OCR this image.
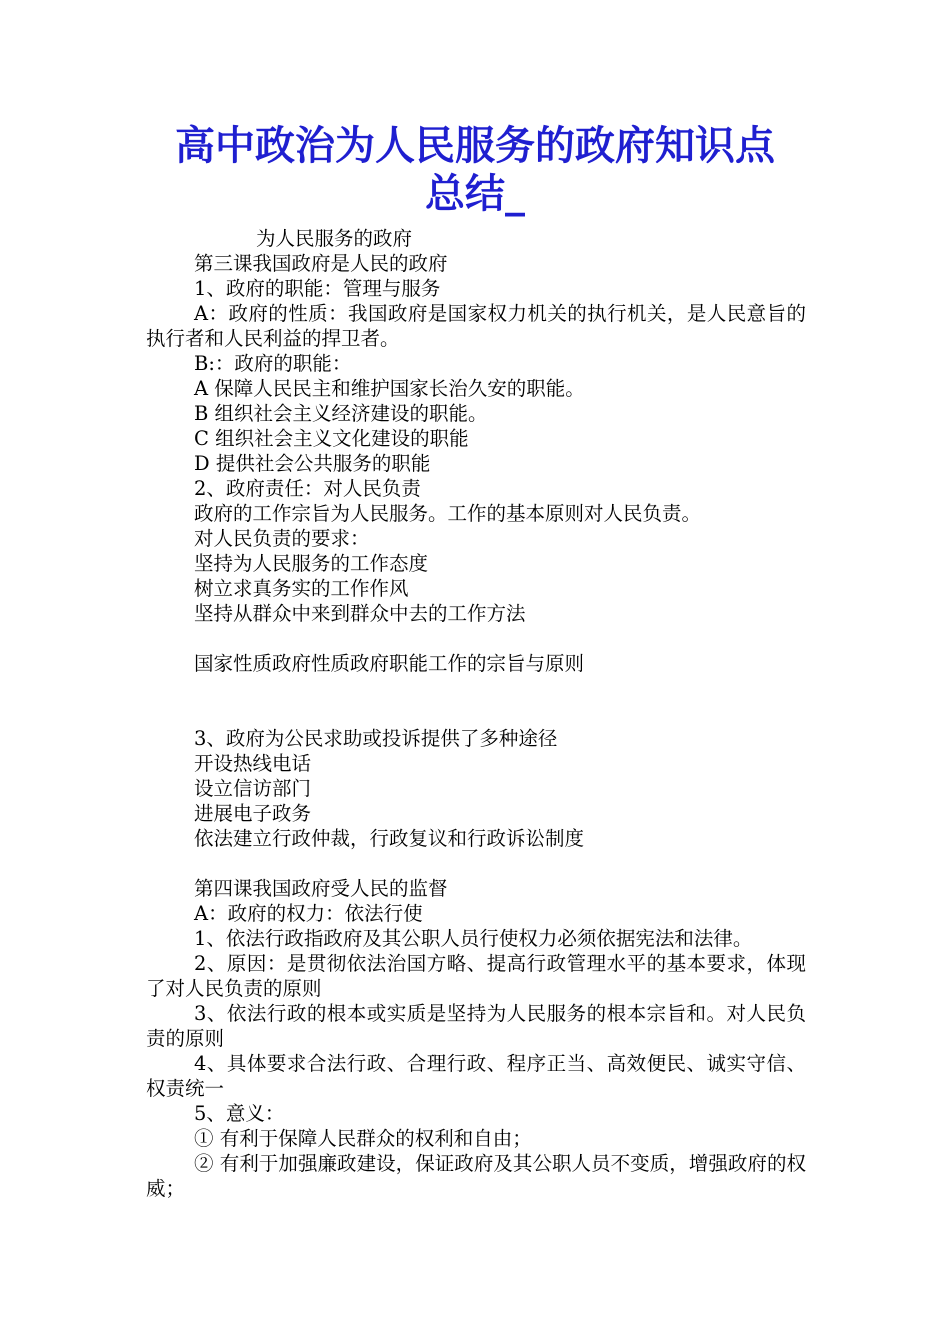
高中政治为人民服务的政府知识点
总结_

为人民服务的政府

第三课我国政府是人民的政府

1、政府的职能：管理与服务

A：政府的性质：我国政府是国家权力机关的执行机关，是人民意旨的执行者和人民利益的捍卫者。

B:：政府的职能：

A 保障人民民主和维护国家长治久安的职能。

B 组织社会主义经济建设的职能。

C 组织社会主义文化建设的职能

D 提供社会公共服务的职能

2、政府责任：对人民负责

政府的工作宗旨为人民服务。工作的基本原则对人民负责。

对人民负责的要求：

坚持为人民服务的工作态度

树立求真务实的工作作风

坚持从群众中来到群众中去的工作方法

国家性质政府性质政府职能工作的宗旨与原则

3、政府为公民求助或投诉提供了多种途径

开设热线电话

设立信访部门

进展电子政务

依法建立行政仲裁，行政复议和行政诉讼制度

第四课我国政府受人民的监督

A：政府的权力：依法行使

1、依法行政指政府及其公职人员行使权力必须依据宪法和法律。

2、原因：是贯彻依法治国方略、提高行政管理水平的基本要求，体现了对人民负责的原则

3、依法行政的根本或实质是坚持为人民服务的根本宗旨和。对人民负责的原则

4、具体要求合法行政、合理行政、程序正当、高效便民、诚实守信、权责统一

5、意义：

① 有利于保障人民群众的权利和自由；

② 有利于加强廉政建设，保证政府及其公职人员不变质，增强政府的权威；
